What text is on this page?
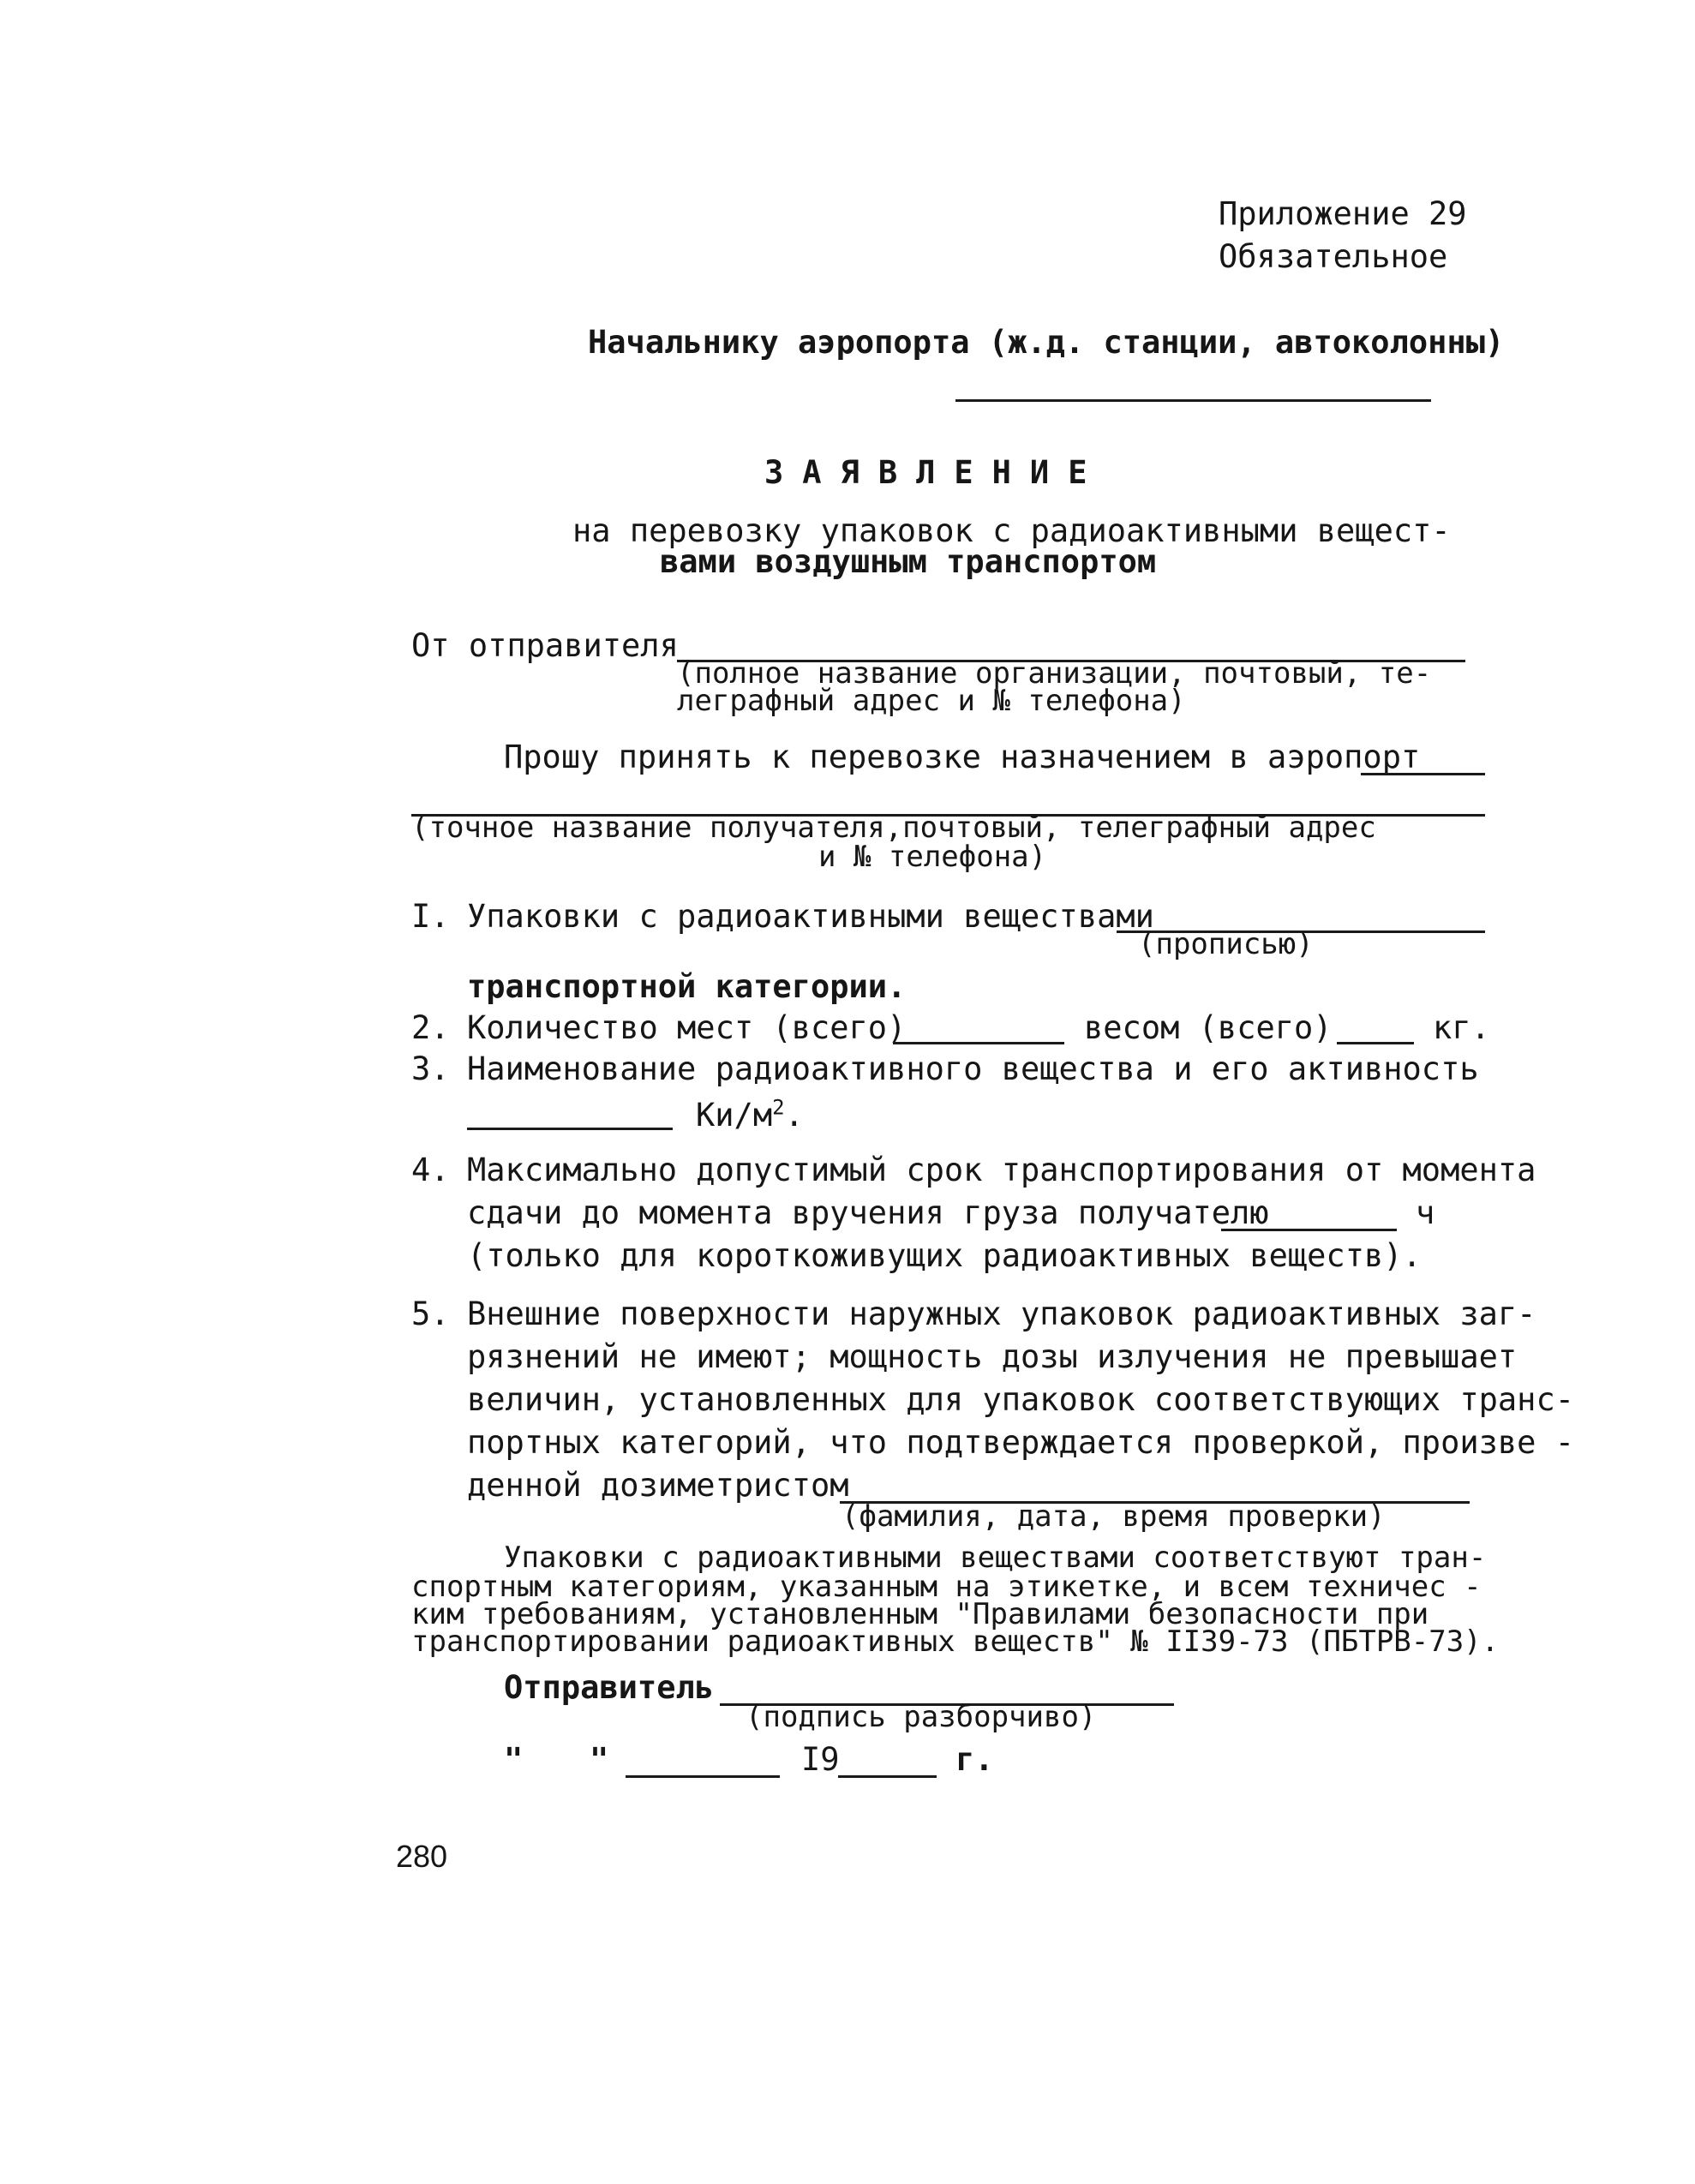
Приложение 29
Обязательное
Начальнику аэропорта (ж.д. станции, автоколонны)
ЗАЯВЛЕНИЕ
на перевозку упаковок с радиоактивными вещест-
вами воздушным транспортом
От отправителя
(полное название организации, почтовый, те-
леграфный адрес и № телефона)
Прошу принять к перевозке назначением в аэропорт
(точное название получателя,почтовый, телеграфный адрес
и № телефона)
I. Упаковки с радиоактивными веществами
(прописью)
транспортной категории.
2. Количество мест (всего)	весом (всего)	кг.
3. Наименование радиоактивного вещества и его активность
$Ки/м^2$.
4. Максимально допустимый срок транспортирования от момента
сдачи до момента вручения груза получателю	ч
(только для короткоживущих радиоактивных веществ).
5. Внешние поверхности наружных упаковок радиоактивных заг-
рязнений не имеют; мощность дозы излучения не превышает
величин, установленных для упаковок соответствующих транс-
портных категорий, что подтверждается проверкой, произве -
денной дозиметристом
(фамилия, дата, время проверки)
Упаковки с радиоактивными веществами соответствуют тран-
спортным категориям, указанным на этикетке, и всем техничес -
ким требованиям, установленным "Правилами безопасности при
транспортировании радиоактивных веществ" № II39-73 (ПБТРВ-73).
Отправитель
(подпись разборчиво)
" "	I9	г.
280
